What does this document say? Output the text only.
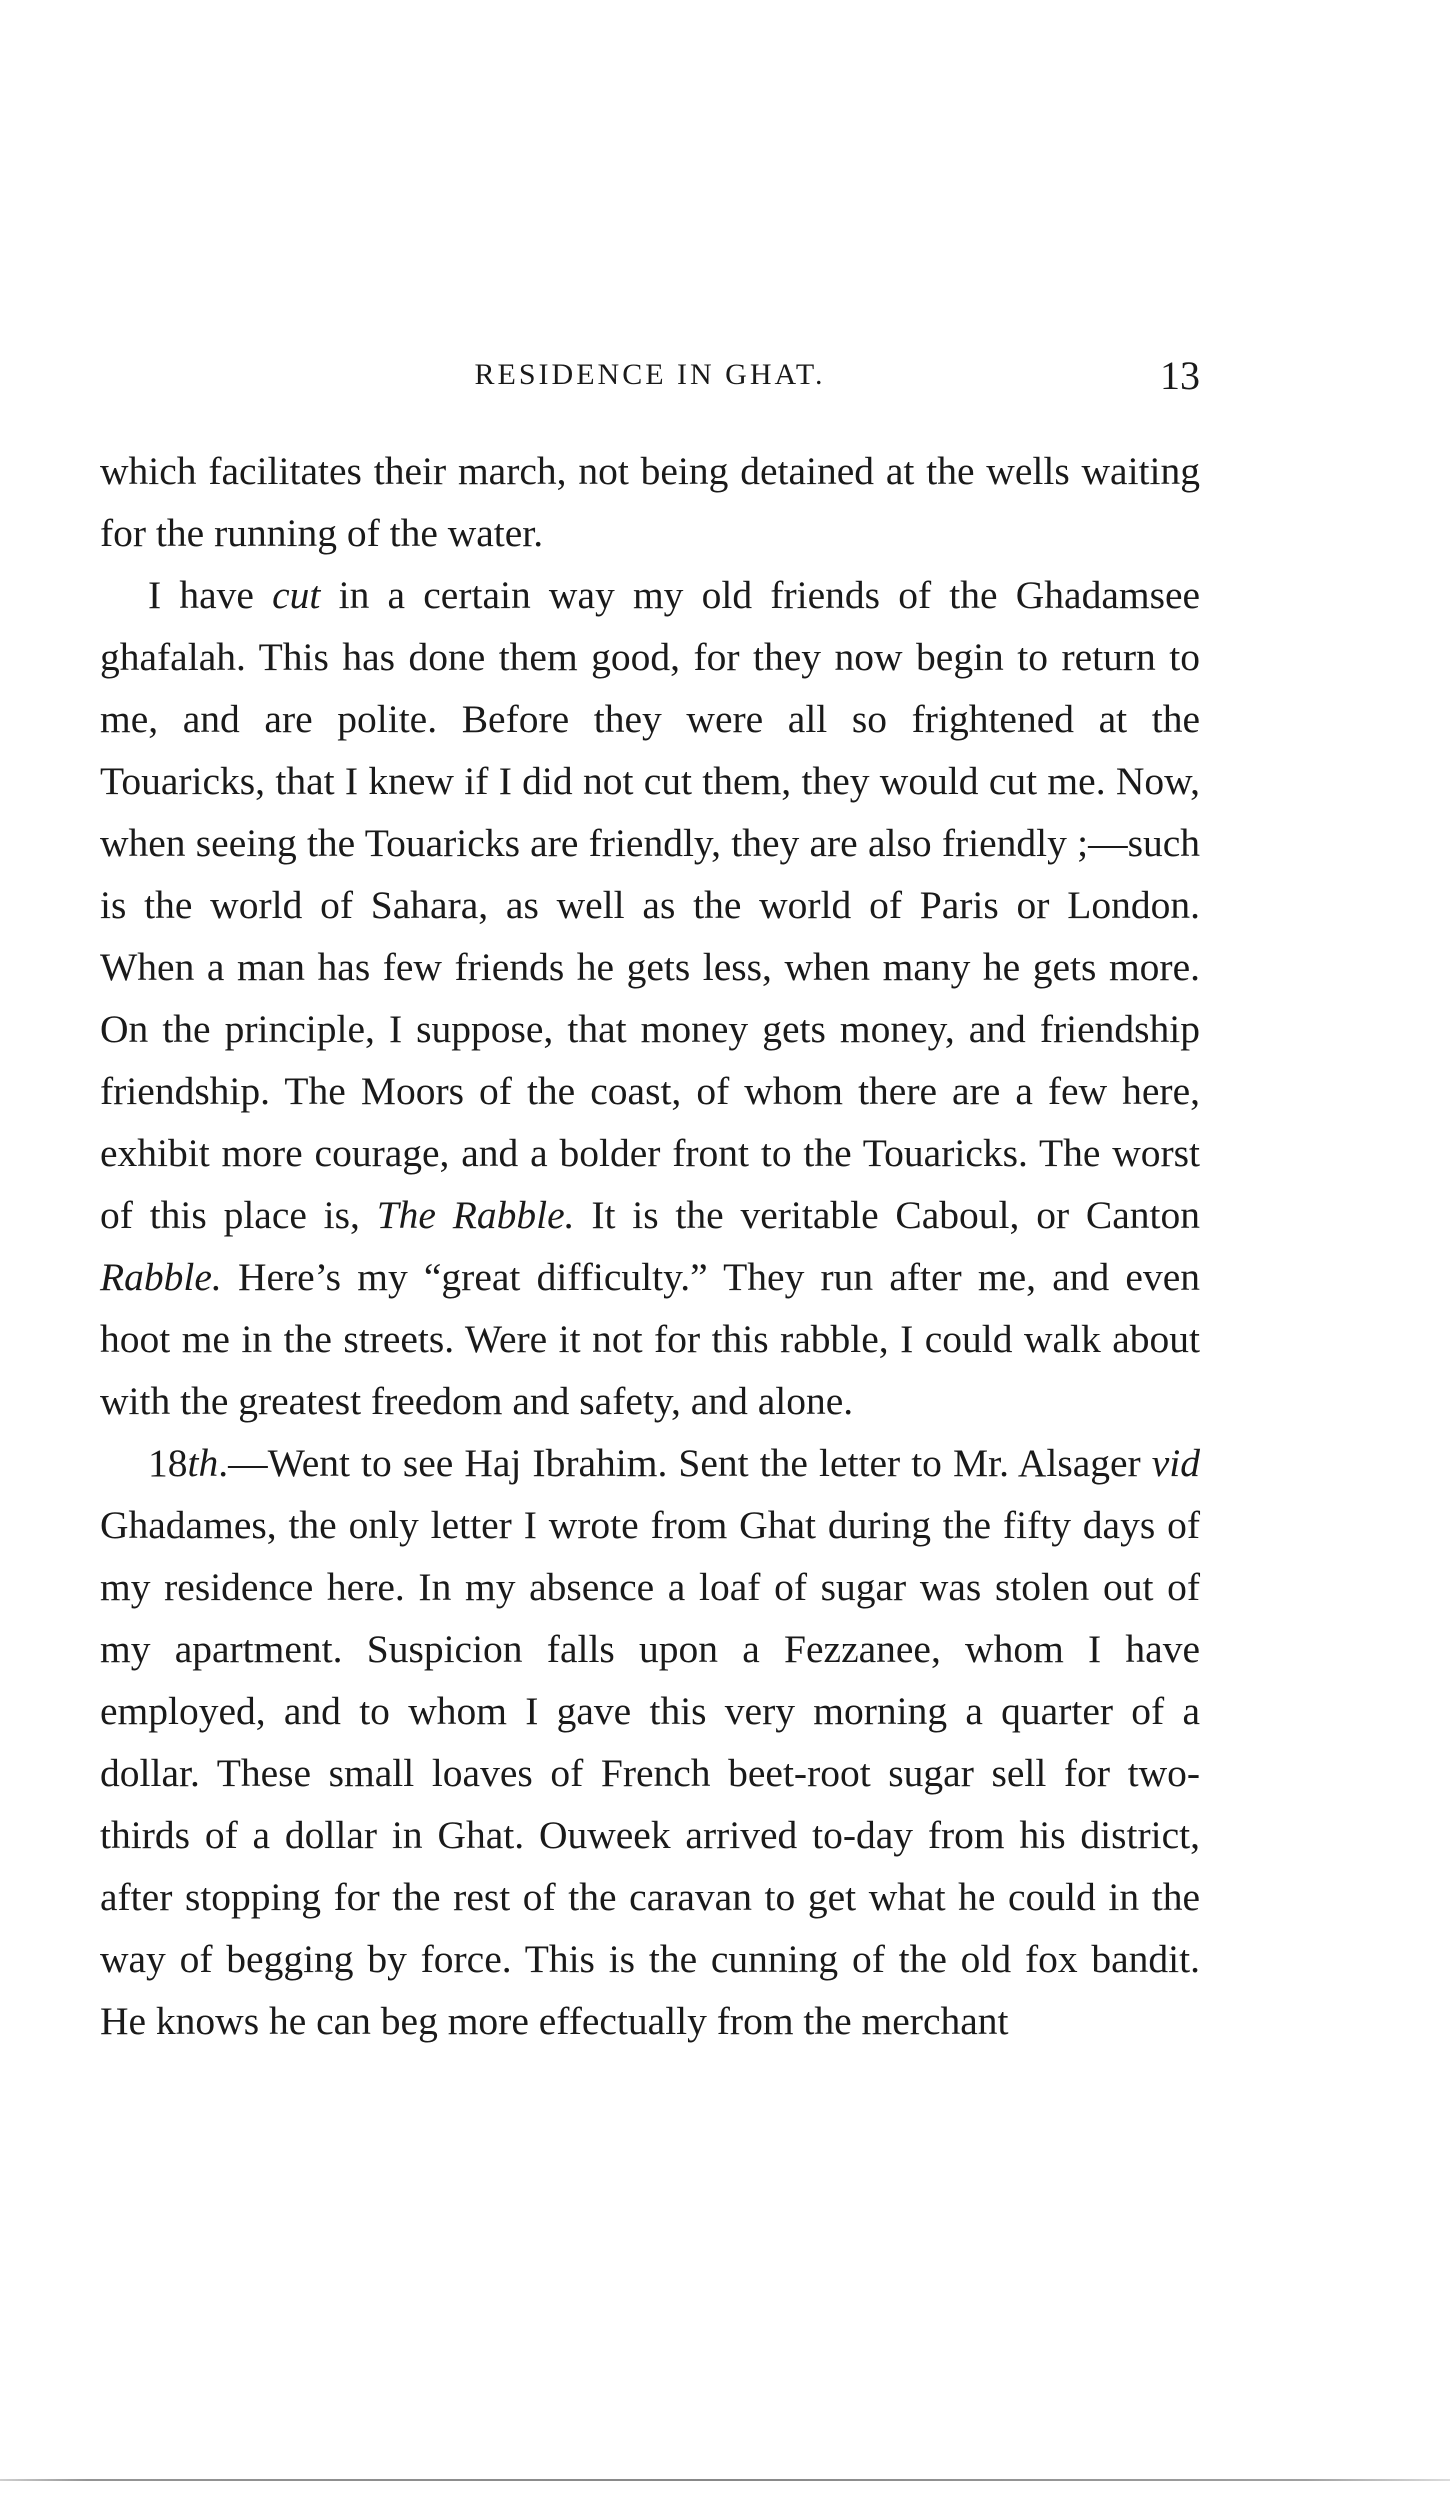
RESIDENCE IN GHAT.	13

which facilitates their march, not being detained at the wells waiting for the running of the water.

I have cut in a certain way my old friends of the Ghadamsee ghafalah. This has done them good, for they now begin to return to me, and are polite. Before they were all so frightened at the Touaricks, that I knew if I did not cut them, they would cut me. Now, when seeing the Touaricks are friendly, they are also friendly ;—such is the world of Sahara, as well as the world of Paris or London. When a man has few friends he gets less, when many he gets more. On the principle, I suppose, that money gets money, and friendship friendship. The Moors of the coast, of whom there are a few here, exhibit more courage, and a bolder front to the Touaricks. The worst of this place is, The Rabble. It is the veritable Caboul, or Canton Rabble. Here’s my “great difficulty.” They run after me, and even hoot me in the streets. Were it not for this rabble, I could walk about with the greatest freedom and safety, and alone.

18th.—Went to see Haj Ibrahim. Sent the letter to Mr. Alsager vid Ghadames, the only letter I wrote from Ghat during the fifty days of my residence here. In my absence a loaf of sugar was stolen out of my apartment. Suspicion falls upon a Fezzanee, whom I have employed, and to whom I gave this very morning a quarter of a dollar. These small loaves of French beet-root sugar sell for two-thirds of a dollar in Ghat. Ouweek arrived to-day from his district, after stopping for the rest of the caravan to get what he could in the way of begging by force. This is the cunning of the old fox bandit. He knows he can beg more effectually from the merchant
